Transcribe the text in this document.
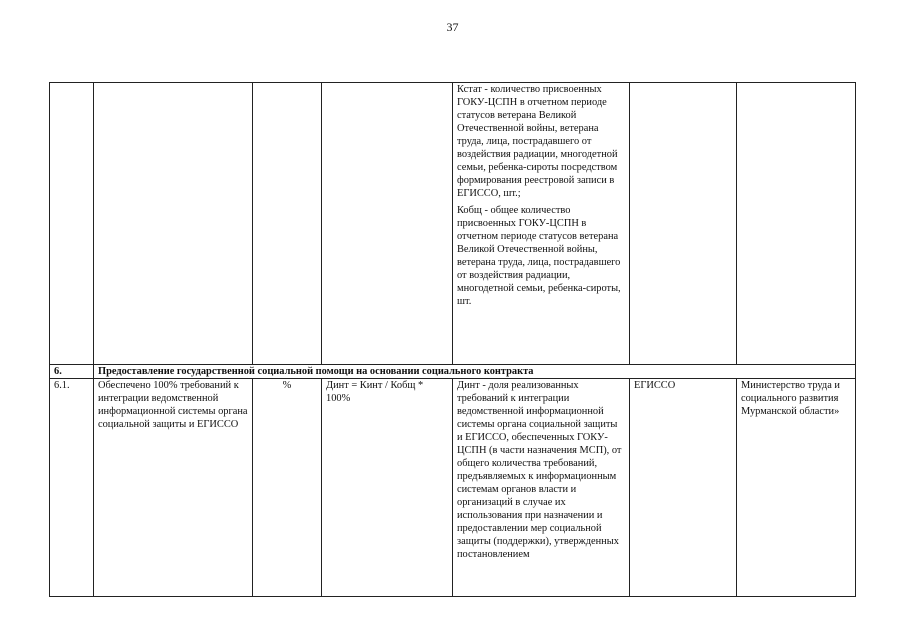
37

				Кстат - количество присвоенных ГОКУ-ЦСПН в отчетном периоде статусов ветерана Великой Отечественной войны, ветерана труда, лица, пострадавшего от воздействия радиации, многодетной семьи, ребенка-сироты посредством формирования реестровой записи в ЕГИССО, шт.;
Кобщ - общее количество присвоенных ГОКУ-ЦСПН в отчетном периоде статусов ветерана Великой Отечественной войны, ветерана труда, лица, пострадавшего от воздействия радиации, многодетной семьи, ребенка-сироты, шт.		

6.	Предоставление государственной социальной помощи на основании социального контракта					
6.1.	Обеспечено 100% требований к интеграции ведомственной информационной системы органа социальной защиты и ЕГИССО	%	Динт = Кинт / Кобщ * 100%	Динт - доля реализованных требований к интеграции ведомственной информационной системы органа социальной защиты и ЕГИССО, обеспеченных ГОКУ-ЦСПН (в части назначения МСП), от общего количества требований, предъявляемых к информационным системам органов власти и организаций в случае их использования при назначении и предоставлении мер социальной защиты (поддержки), утвержденных постановлением	ЕГИССО	Министерство труда и социального развития Мурманской области»
